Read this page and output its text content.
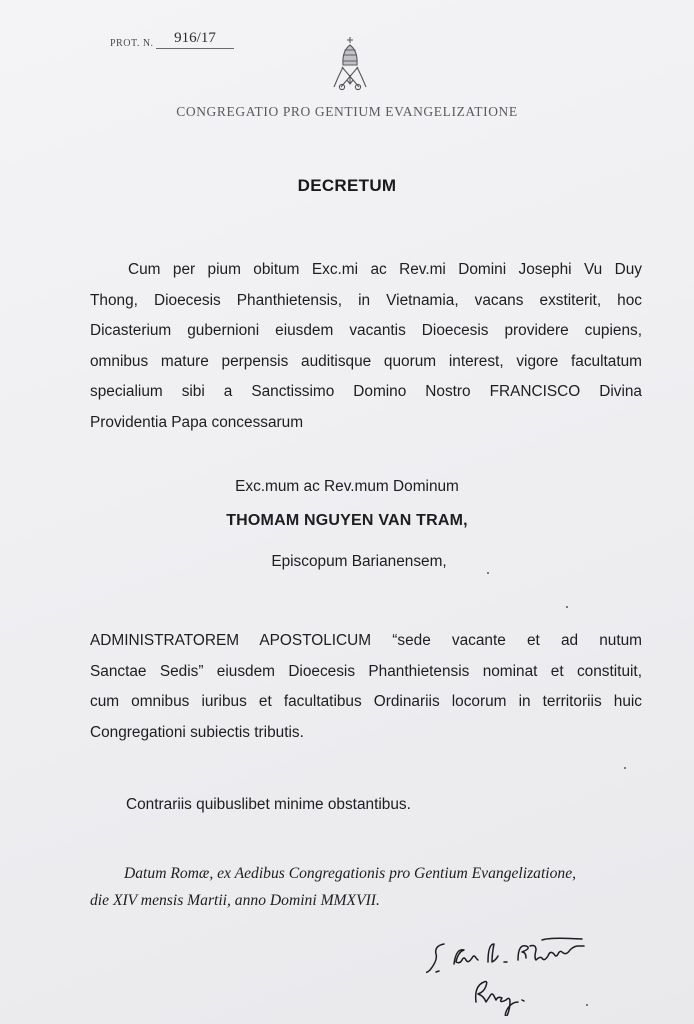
PROT. N.	916/17
CONGREGATIO PRO GENTIUM EVANGELIZATIONE
DECRETUM
Cum per pium obitum Exc.mi ac Rev.mi Domini Josephi Vu Duy
Thong, Dioecesis Phanthietensis, in Vietnamia, vacans exstiterit, hoc
Dicasterium gubernioni eiusdem vacantis Dioecesis providere cupiens,
omnibus mature perpensis auditisque quorum interest, vigore facultatum
specialium sibi a Sanctissimo Domino Nostro FRANCISCO Divina
Providentia Papa concessarum
Exc.mum ac Rev.mum Dominum
THOMAM NGUYEN VAN TRAM,
Episcopum Barianensem,
ADMINISTRATOREM APOSTOLICUM “sede vacante et ad nutum
Sanctae Sedis” eiusdem Dioecesis Phanthietensis nominat et constituit,
cum omnibus iuribus et facultatibus Ordinariis locorum in territoriis huic
Congregationi subiectis tributis.
Contrariis quibuslibet minime obstantibus.
Datum Romæ, ex Aedibus Congregationis pro Gentium Evangelizatione,
die XIV mensis Martii, anno Domini MMXVII.
